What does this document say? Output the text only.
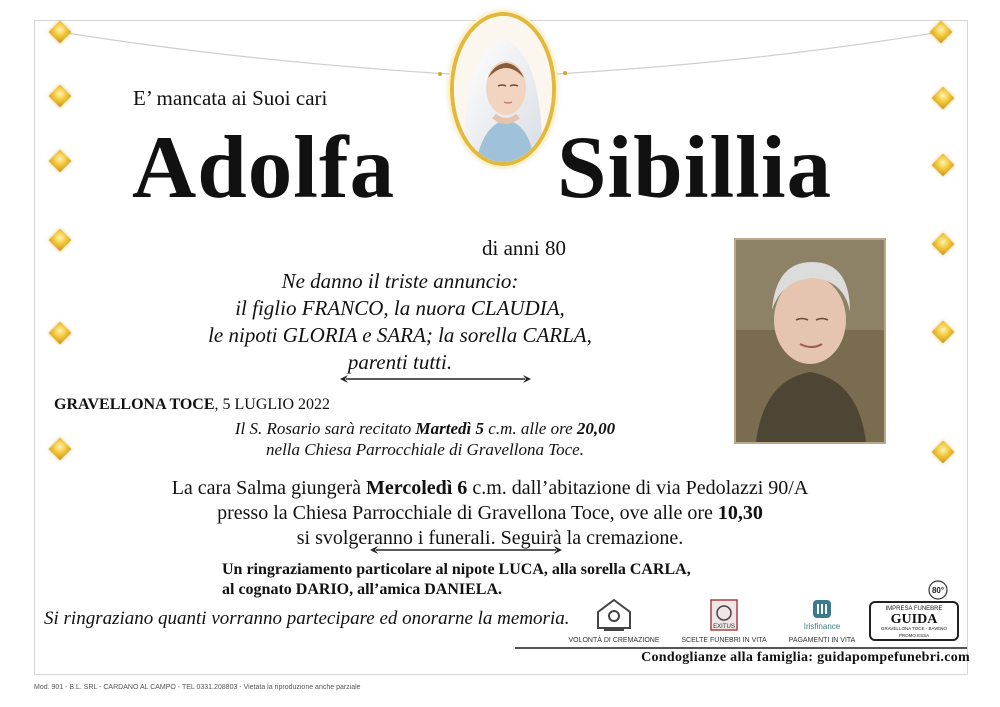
E’ mancata ai Suoi cari
Adolfa Sibillia
di anni 80
Ne danno il triste annuncio:
il figlio FRANCO, la nuora CLAUDIA,
le nipoti GLORIA e SARA; la sorella CARLA,
parenti tutti.
GRAVELLONA TOCE, 5 LUGLIO 2022
Il S. Rosario sarà recitato Martedì 5 c.m. alle ore 20,00
nella Chiesa Parrocchiale di Gravellona Toce.
La cara Salma giungerà Mercoledì 6 c.m. dall’abitazione di via Pedolazzi 90/A
presso la Chiesa Parrocchiale di Gravellona Toce, ove alle ore 10,30
si svolgeranno i funerali. Seguirà la cremazione.
Un ringraziamento particolare al nipote LUCA, alla sorella CARLA,
al cognato DARIO, all’amica DANIELA.
Si ringraziano quanti vorranno partecipare ed onorarne la memoria.
VOLONTÀ DI CREMAZIONE
EXITUS
SCELTE FUNEBRI IN VITA
Irisfinance
PAGAMENTI IN VITA
80°
IMPRESA FUNEBRE
GUIDA
GRAVELLONA TOCE - BAVENO
PROMO ESSA
Condoglianze alla famiglia: guidapompefunebri.com
Mod. 901 - B.L. SRL - CARDANO AL CAMPO - TEL 0331.208803 - Vietata la riproduzione anche parziale
